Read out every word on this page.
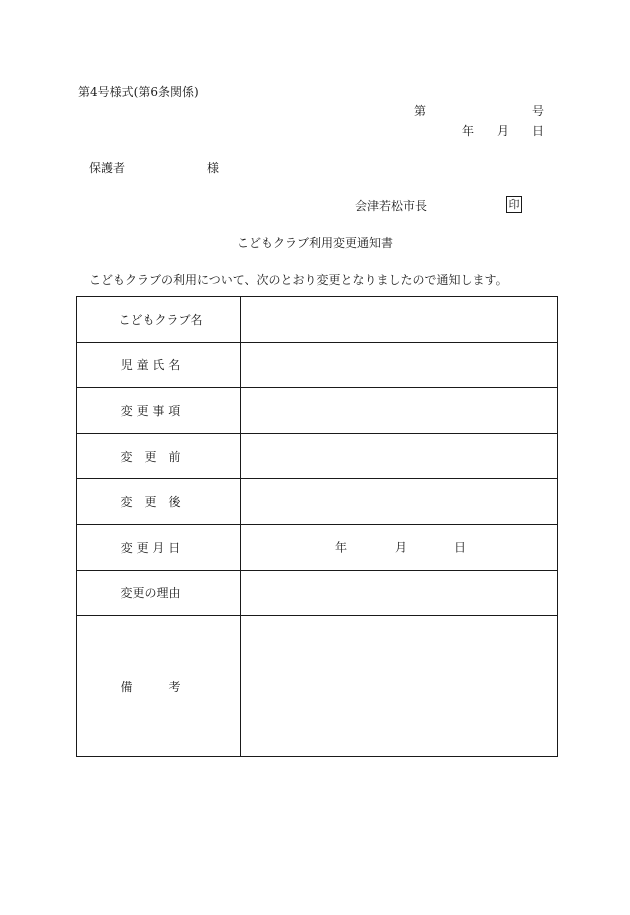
第4号様式(第6条関係)
第	号
年 月 日
保護者	様
会津若松市長	印
こどもクラブ利用変更通知書
こどもクラブの利用について、次のとおり変更となりましたので通知します。
こどもクラブ名	
児 童 氏 名	
変 更 事 項	
変　更　前	
変　更　後	
変 更 月 日	年 月 日

変更の理由	
備　　　考	
